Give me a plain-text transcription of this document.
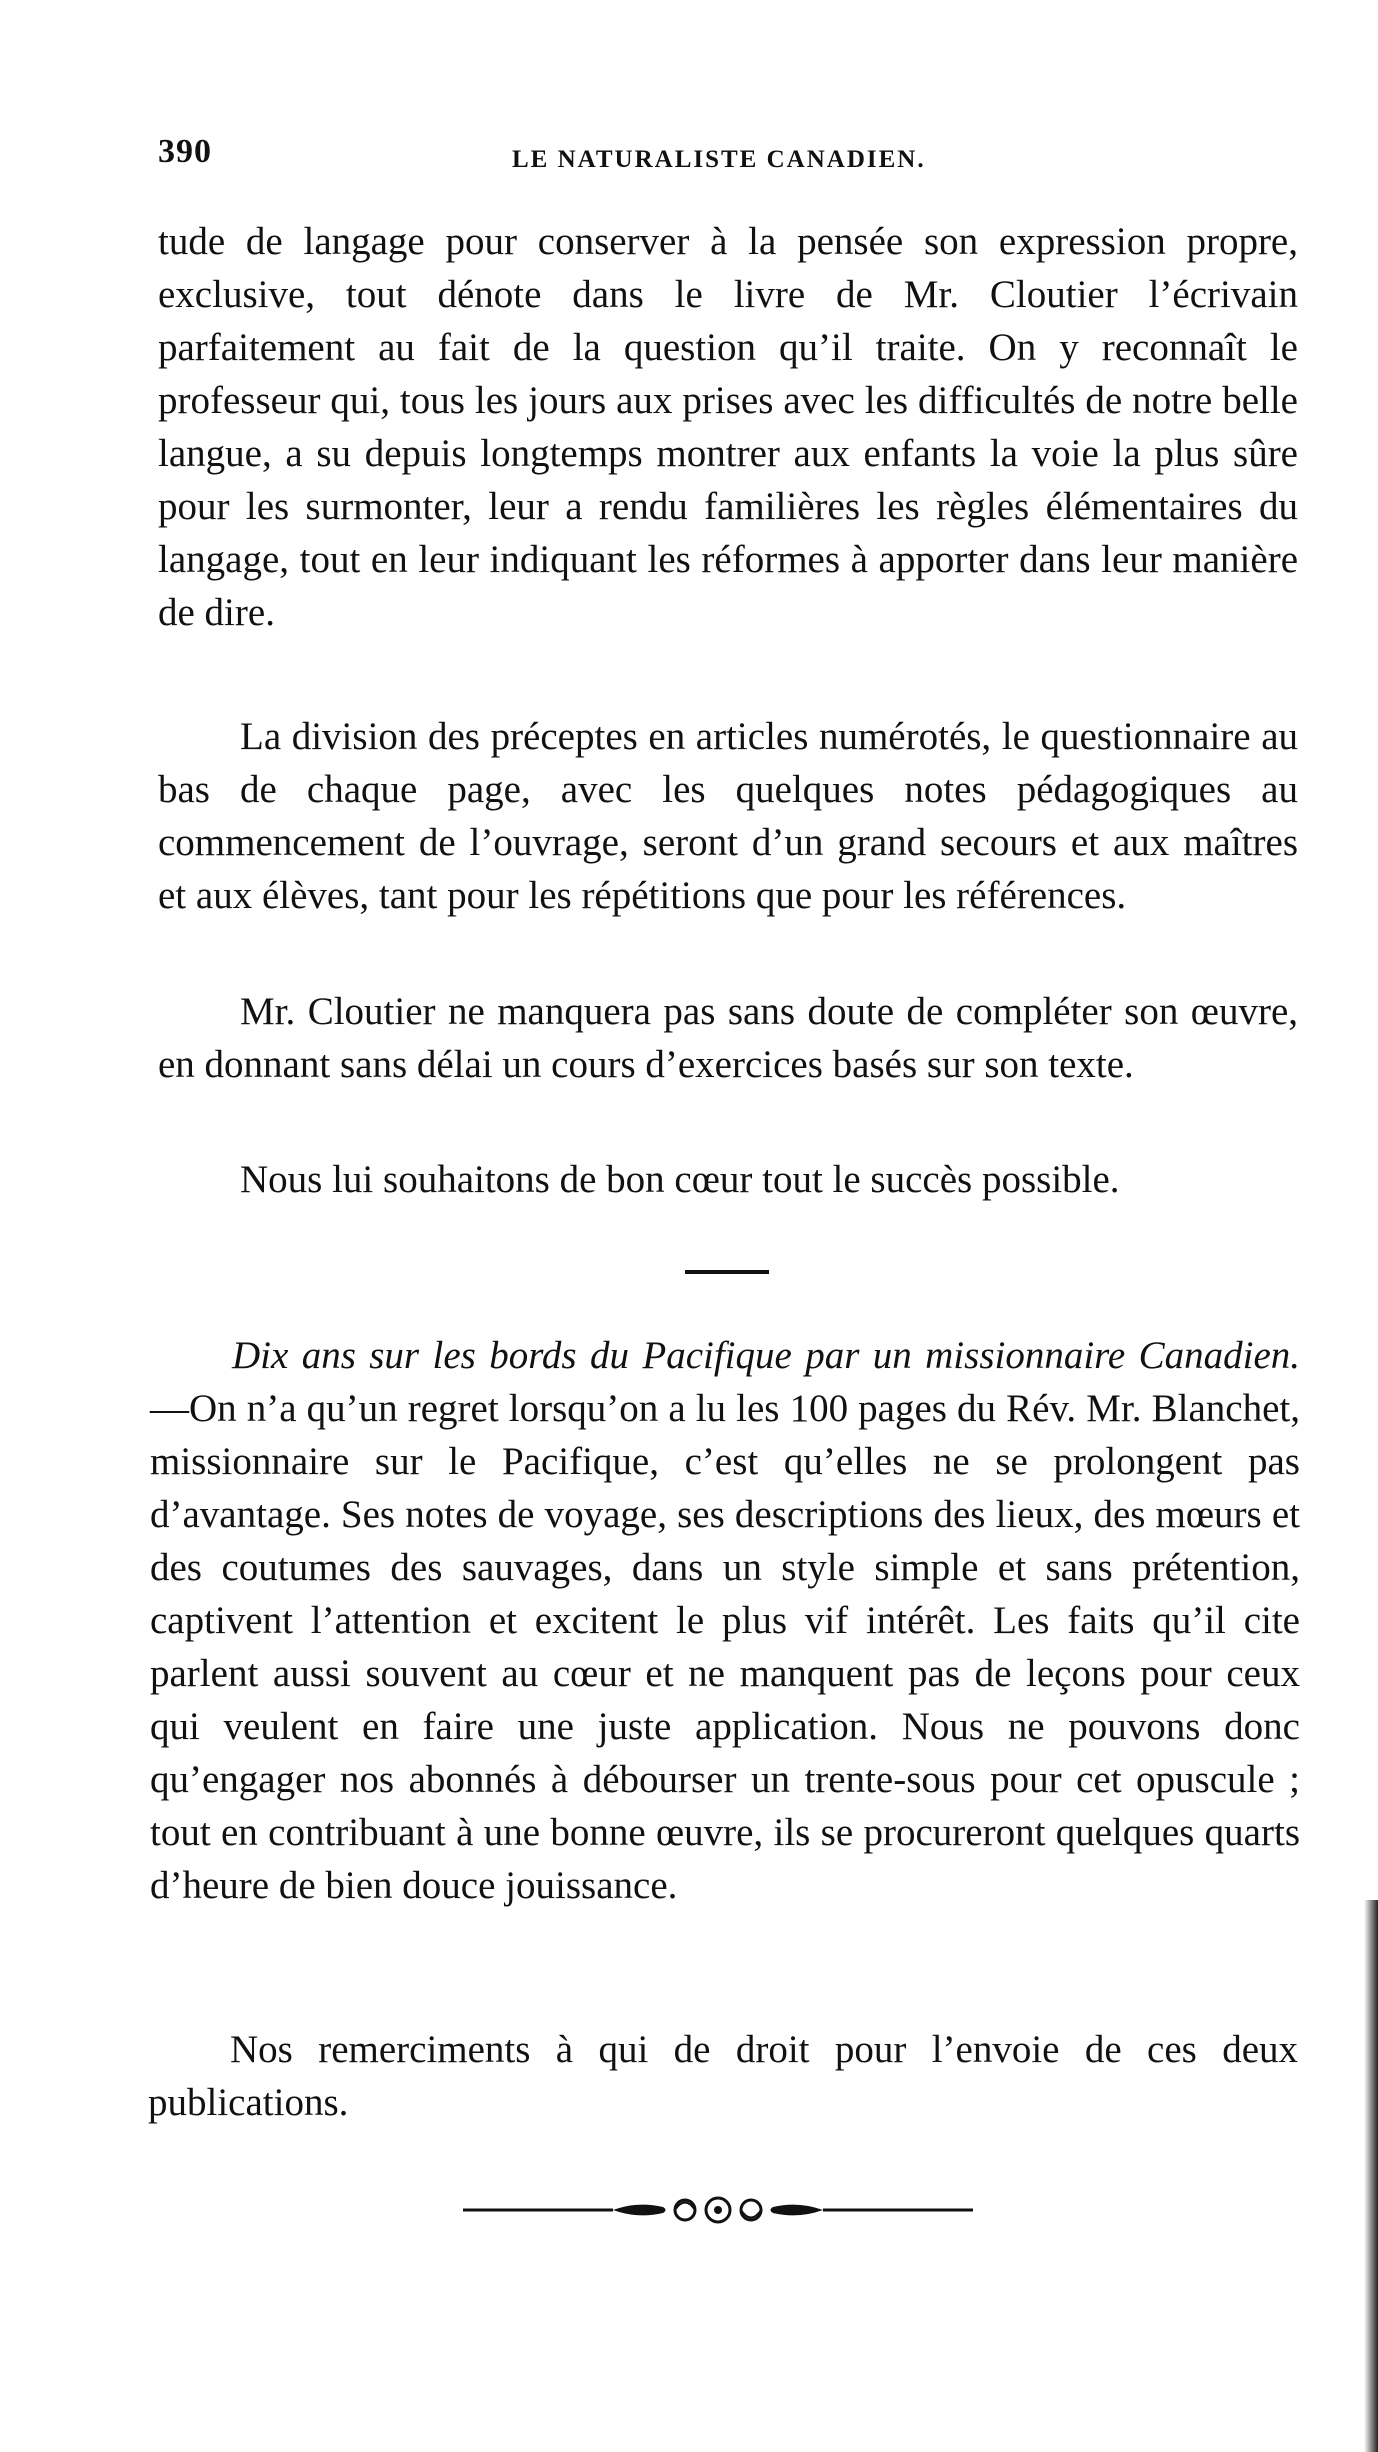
390	LE NATURALISTE CANADIEN.

tude de langage pour conserver à la pensée son expression propre, exclusive, tout dénote dans le livre de Mr. Cloutier l’écrivain parfaitement au fait de la question qu’il traite. On y reconnaît le professeur qui, tous les jours aux prises avec les difficultés de notre belle langue, a su depuis longtemps montrer aux enfants la voie la plus sûre pour les surmonter, leur a rendu familières les règles élémentaires du langage, tout en leur indiquant les réformes à apporter dans leur manière de dire.

La division des préceptes en articles numérotés, le questionnaire au bas de chaque page, avec les quelques notes pédagogiques au commencement de l’ouvrage, seront d’un grand secours et aux maîtres et aux élèves, tant pour les répétitions que pour les références.

Mr. Cloutier ne manquera pas sans doute de compléter son œuvre, en donnant sans délai un cours d’exercices basés sur son texte.

Nous lui souhaitons de bon cœur tout le succès possible.

Dix ans sur les bords du Pacifique par un missionnaire Canadien.—On n’a qu’un regret lorsqu’on a lu les 100 pages du Rév. Mr. Blanchet, missionnaire sur le Pacifique, c’est qu’elles ne se prolongent pas d’avantage. Ses notes de voyage, ses descriptions des lieux, des mœurs et des coutumes des sauvages, dans un style simple et sans prétention, captivent l’attention et excitent le plus vif intérêt. Les faits qu’il cite parlent aussi souvent au cœur et ne manquent pas de leçons pour ceux qui veulent en faire une juste application. Nous ne pouvons donc qu’engager nos abonnés à débourser un trente-sous pour cet opuscule ; tout en contribuant à une bonne œuvre, ils se procureront quelques quarts d’heure de bien douce jouissance.

Nos remerciments à qui de droit pour l’envoie de ces deux publications.
